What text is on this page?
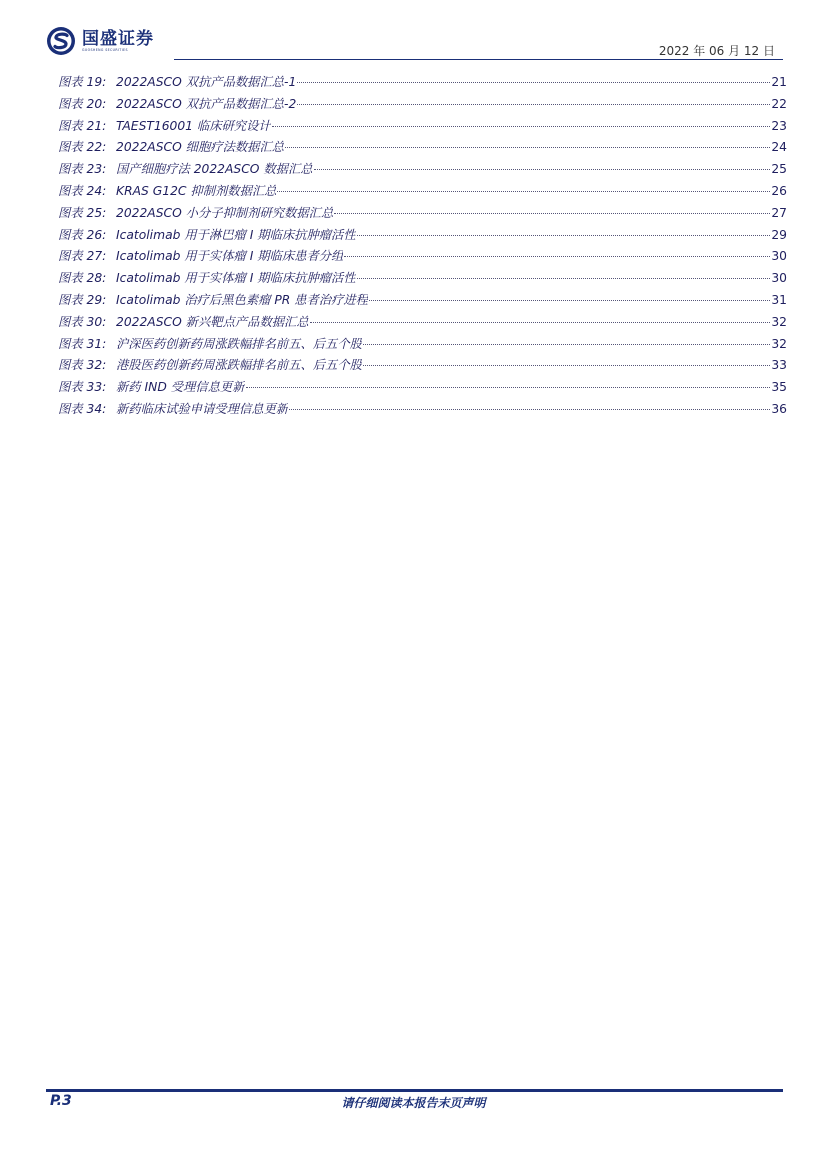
国盛证券
GUOSHENG SECURITIES	2022 年 06 月 12 日
图表 19: 2022ASCO 双抗产品数据汇总-1	21
图表 20: 2022ASCO 双抗产品数据汇总-2	22
图表 21: TAEST16001 临床研究设计	23
图表 22: 2022ASCO 细胞疗法数据汇总	24
图表 23: 国产细胞疗法 2022ASCO 数据汇总	25
图表 24: KRAS G12C 抑制剂数据汇总	26
图表 25: 2022ASCO 小分子抑制剂研究数据汇总	27
图表 26: Icatolimab 用于淋巴瘤 I 期临床抗肿瘤活性	29
图表 27: Icatolimab 用于实体瘤 I 期临床患者分组	30
图表 28: Icatolimab 用于实体瘤 I 期临床抗肿瘤活性	30
图表 29: Icatolimab 治疗后黑色素瘤 PR 患者治疗进程	31
图表 30: 2022ASCO 新兴靶点产品数据汇总	32
图表 31: 沪深医药创新药周涨跌幅排名前五、后五个股	32
图表 32: 港股医药创新药周涨跌幅排名前五、后五个股	33
图表 33: 新药 IND 受理信息更新	35
图表 34: 新药临床试验申请受理信息更新	36
P.3	请仔细阅读本报告末页声明
